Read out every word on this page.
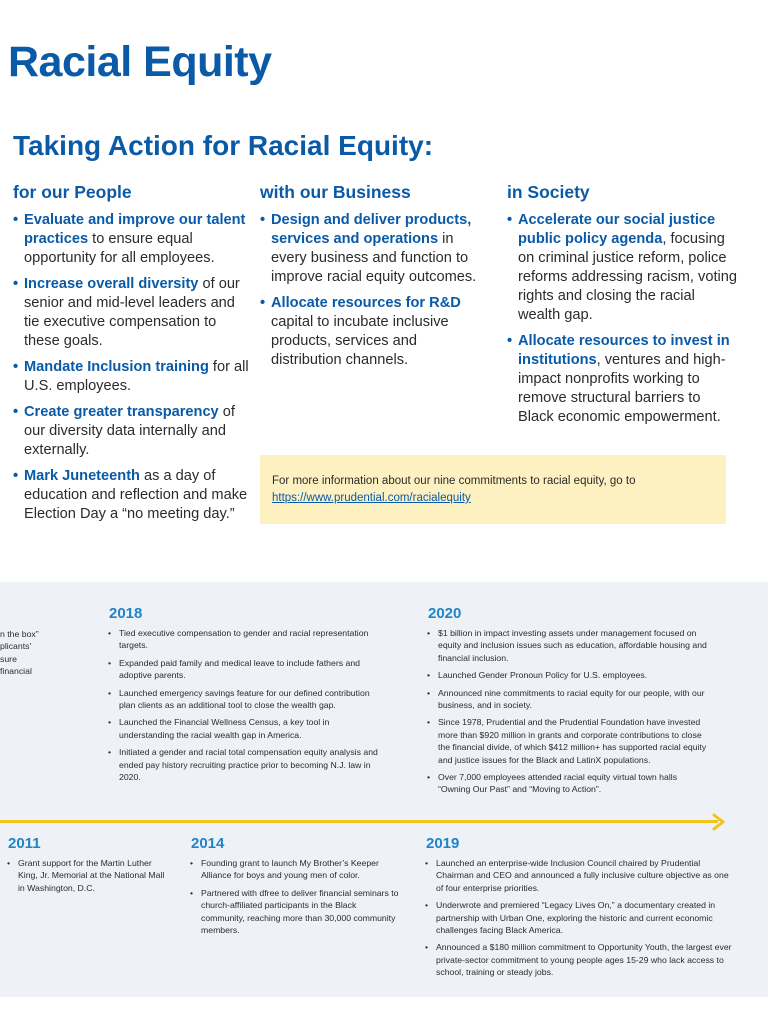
Racial Equity
Taking Action for Racial Equity:
for our People
• Evaluate and improve our talent practices to ensure equal opportunity for all employees.
• Increase overall diversity of our senior and mid-level leaders and tie executive compensation to these goals.
• Mandate Inclusion training for all U.S. employees.
• Create greater transparency of our diversity data internally and externally.
• Mark Juneteenth as a day of education and reflection and make Election Day a “no meeting day.”
with our Business
• Design and deliver products, services and operations in every business and function to improve racial equity outcomes.
• Allocate resources for R&D capital to incubate inclusive products, services and distribution channels.
in Society
• Accelerate our social justice public policy agenda, focusing on criminal justice reform, police reforms addressing racism, voting rights and closing the racial wealth gap.
• Allocate resources to invest in institutions, ventures and high-impact nonprofits working to remove structural barriers to Black economic empowerment.
For more information about our nine commitments to racial equity, go to
https://www.prudential.com/racialequity
n the box”
plicants’
sure
financial
2018
• Tied executive compensation to gender and racial representation targets.
• Expanded paid family and medical leave to include fathers and adoptive parents.
• Launched emergency savings feature for our defined contribution plan clients as an additional tool to close the wealth gap.
• Launched the Financial Wellness Census, a key tool in understanding the racial wealth gap in America.
• Initiated a gender and racial total compensation equity analysis and ended pay history recruiting practice prior to becoming N.J. law in 2020.
2020
• $1 billion in impact investing assets under management focused on equity and inclusion issues such as education, affordable housing and financial inclusion.
• Launched Gender Pronoun Policy for U.S. employees.
• Announced nine commitments to racial equity for our people, with our business, and in society.
• Since 1978, Prudential and the Prudential Foundation have invested more than $920 million in grants and corporate contributions to close the financial divide, of which $412 million+ has supported racial equity and justice issues for the Black and LatinX populations.
• Over 7,000 employees attended racial equity virtual town halls “Owning Our Past” and “Moving to Action”.
2011
• Grant support for the Martin Luther King, Jr. Memorial at the National Mall in Washington, D.C.
2014
• Founding grant to launch My Brother’s Keeper Alliance for boys and young men of color.
• Partnered with dfree to deliver financial seminars to church-affiliated participants in the Black community, reaching more than 30,000 community members.
2019
• Launched an enterprise-wide Inclusion Council chaired by Prudential Chairman and CEO and announced a fully inclusive culture objective as one of four enterprise priorities.
• Underwrote and premiered “Legacy Lives On,” a documentary created in partnership with Urban One, exploring the historic and current economic challenges facing Black America.
• Announced a $180 million commitment to Opportunity Youth, the largest ever private-sector commitment to young people ages 15-29 who lack access to school, training or steady jobs.
